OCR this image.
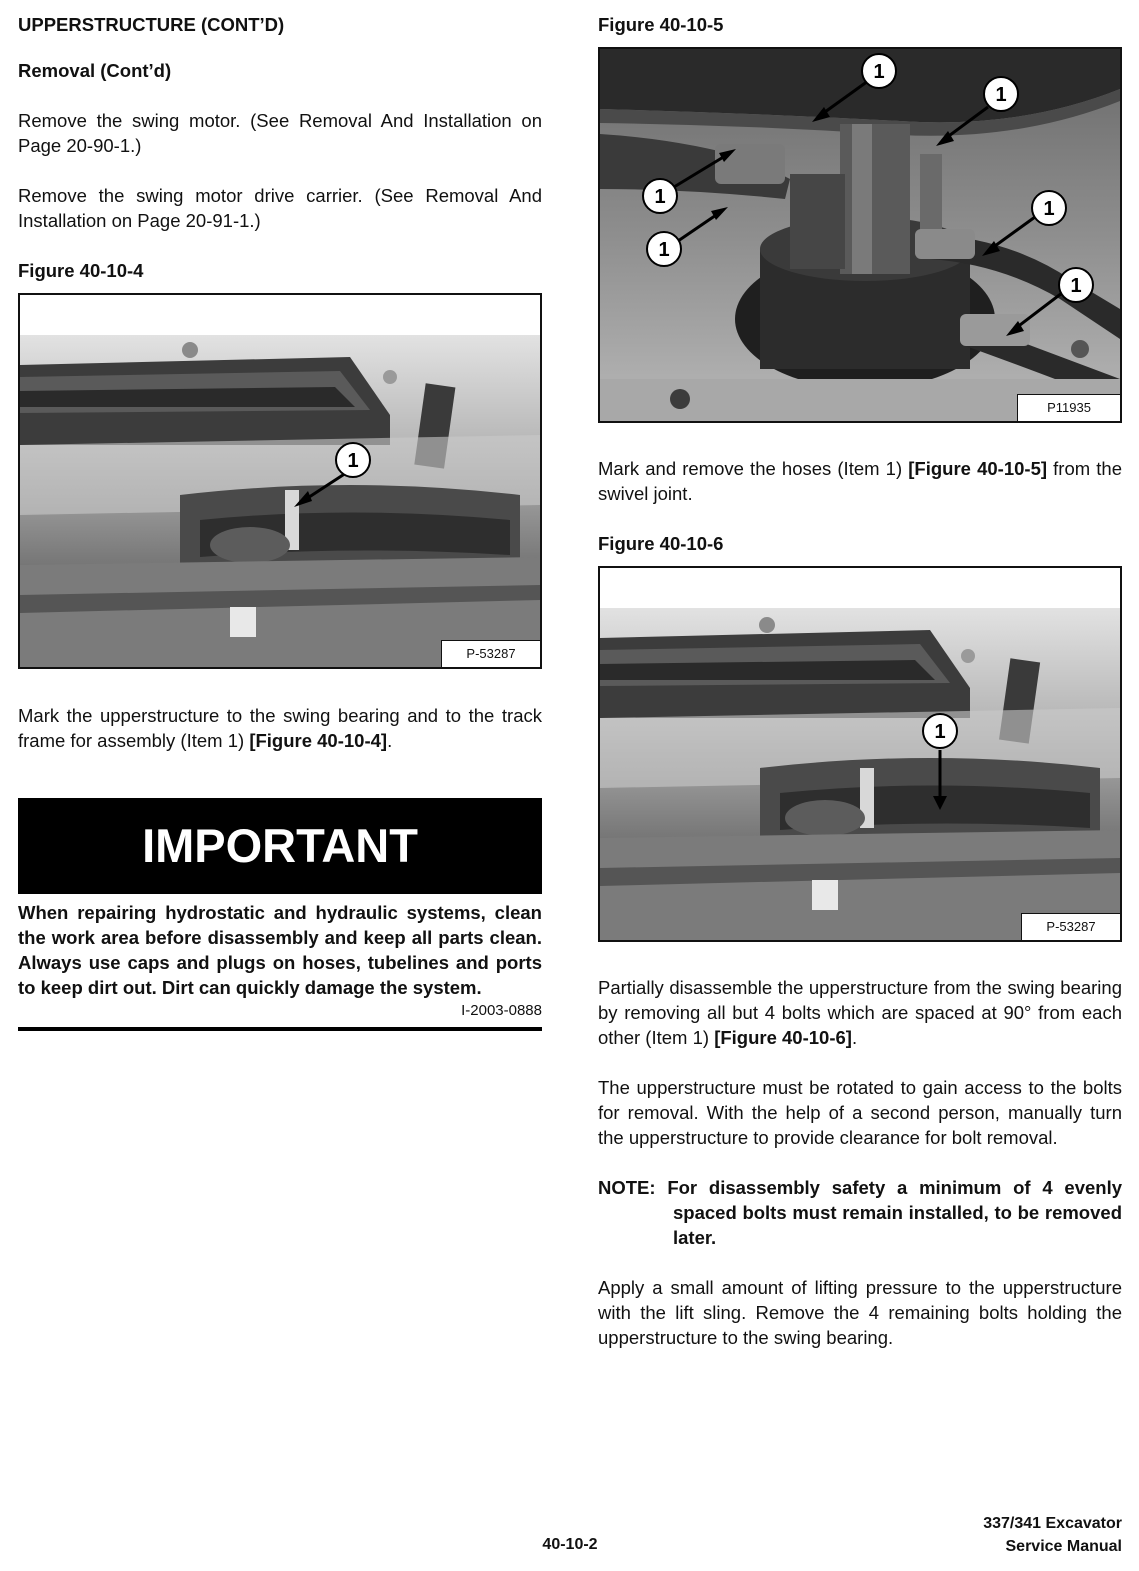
UPPERSTRUCTURE (CONT’D)

Removal (Cont’d)

Remove the swing motor. (See Removal And Installation on Page 20-90-1.)

Remove the swing motor drive carrier. (See Removal And Installation on Page 20-91-1.)

Figure 40-10-4

1
P-53287

Mark the upperstructure to the swing bearing and to the track frame for assembly (Item 1) [Figure 40-10-4].

IMPORTANT

When repairing hydrostatic and hydraulic systems, clean the work area before disassembly and keep all parts clean. Always use caps and plugs on hoses, tubelines and ports to keep dirt out. Dirt can quickly damage the system.

I-2003-0888

Figure 40-10-5

1
1
1
1
1
1
P11935

Mark and remove the hoses (Item 1) [Figure 40-10-5] from the swivel joint.

Figure 40-10-6

1
P-53287

Partially disassemble the upperstructure from the swing bearing by removing all but 4 bolts which are spaced at 90° from each other (Item 1) [Figure 40-10-6].

The upperstructure must be rotated to gain access to the bolts for removal. With the help of a second person, manually turn the upperstructure to provide clearance for bolt removal.

NOTE: For disassembly safety a minimum of 4 evenly spaced bolts must remain installed, to be removed later.

Apply a small amount of lifting pressure to the upperstructure with the lift sling. Remove the 4 remaining bolts holding the upperstructure to the swing bearing.

40-10-2
337/341 Excavator
Service Manual
